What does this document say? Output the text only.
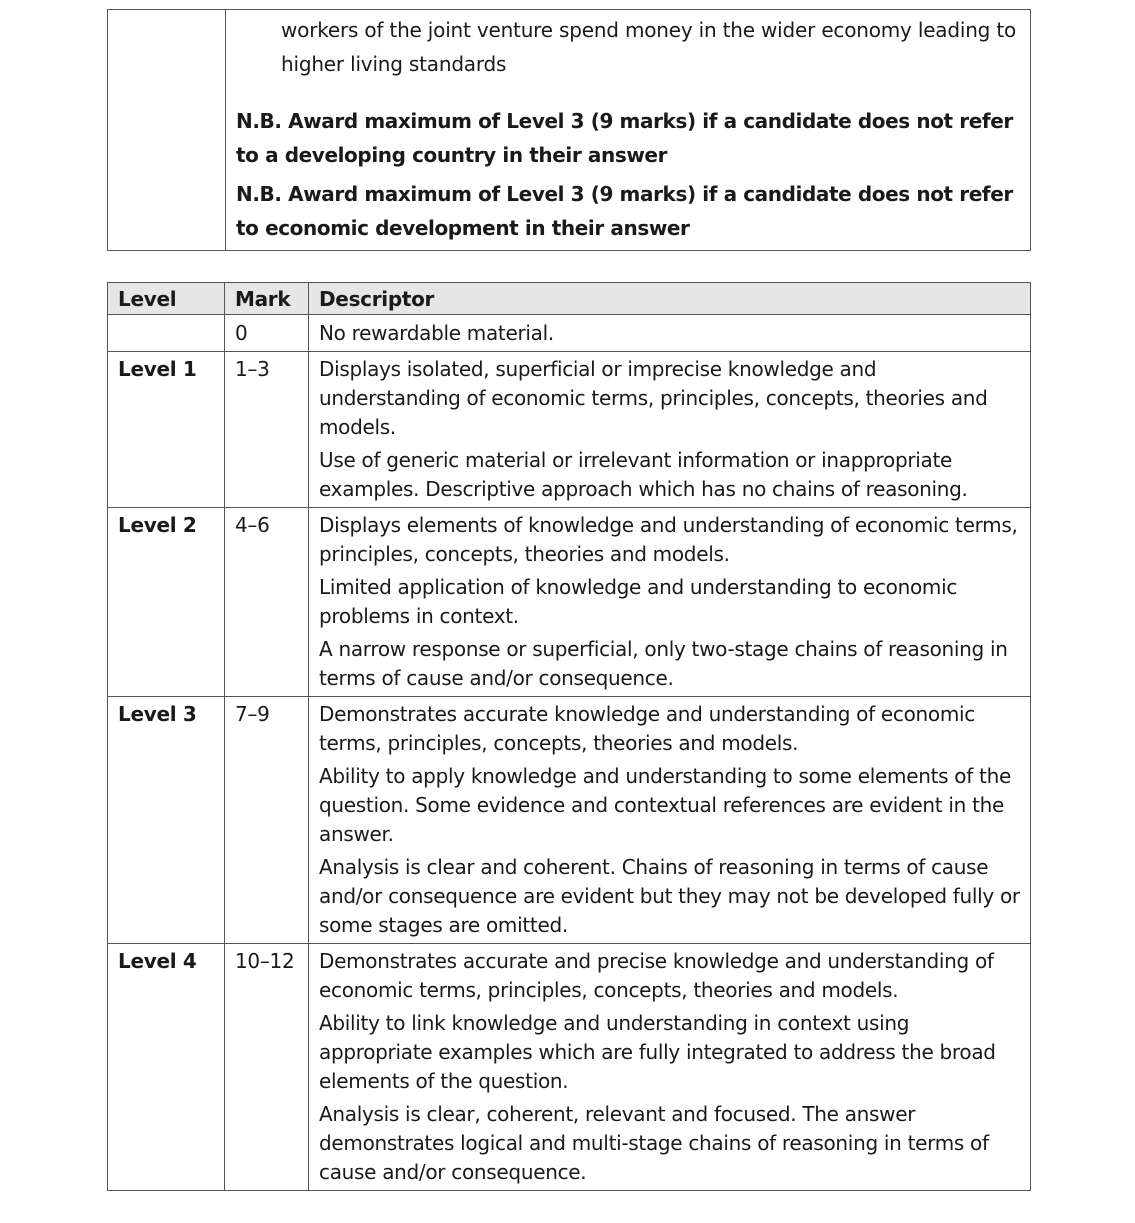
workers of the joint venture spend money in the wider economy leading to higher living standards
N.B. Award maximum of Level 3 (9 marks) if a candidate does not refer to a developing country in their answer
N.B. Award maximum of Level 3 (9 marks) if a candidate does not refer to economic development in their answer
Level	Mark	Descriptor
	0	No rewardable material.

Level 1	1–3	Displays isolated, superficial or imprecise knowledge and understanding of economic terms, principles, concepts, theories and models.

Use of generic material or irrelevant information or inappropriate examples. Descriptive approach which has no chains of reasoning.

Level 2	4–6	Displays elements of knowledge and understanding of economic terms, principles, concepts, theories and models.

Limited application of knowledge and understanding to economic problems in context.

A narrow response or superficial, only two-stage chains of reasoning in terms of cause and/or consequence.

Level 3	7–9	Demonstrates accurate knowledge and understanding of economic terms, principles, concepts, theories and models.

Ability to apply knowledge and understanding to some elements of the question. Some evidence and contextual references are evident in the answer.

Analysis is clear and coherent. Chains of reasoning in terms of cause and/or consequence are evident but they may not be developed fully or some stages are omitted.

Level 4	10–12	Demonstrates accurate and precise knowledge and understanding of economic terms, principles, concepts, theories and models.

Ability to link knowledge and understanding in context using appropriate examples which are fully integrated to address the broad elements of the question.

Analysis is clear, coherent, relevant and focused. The answer demonstrates logical and multi-stage chains of reasoning in terms of cause and/or consequence.
